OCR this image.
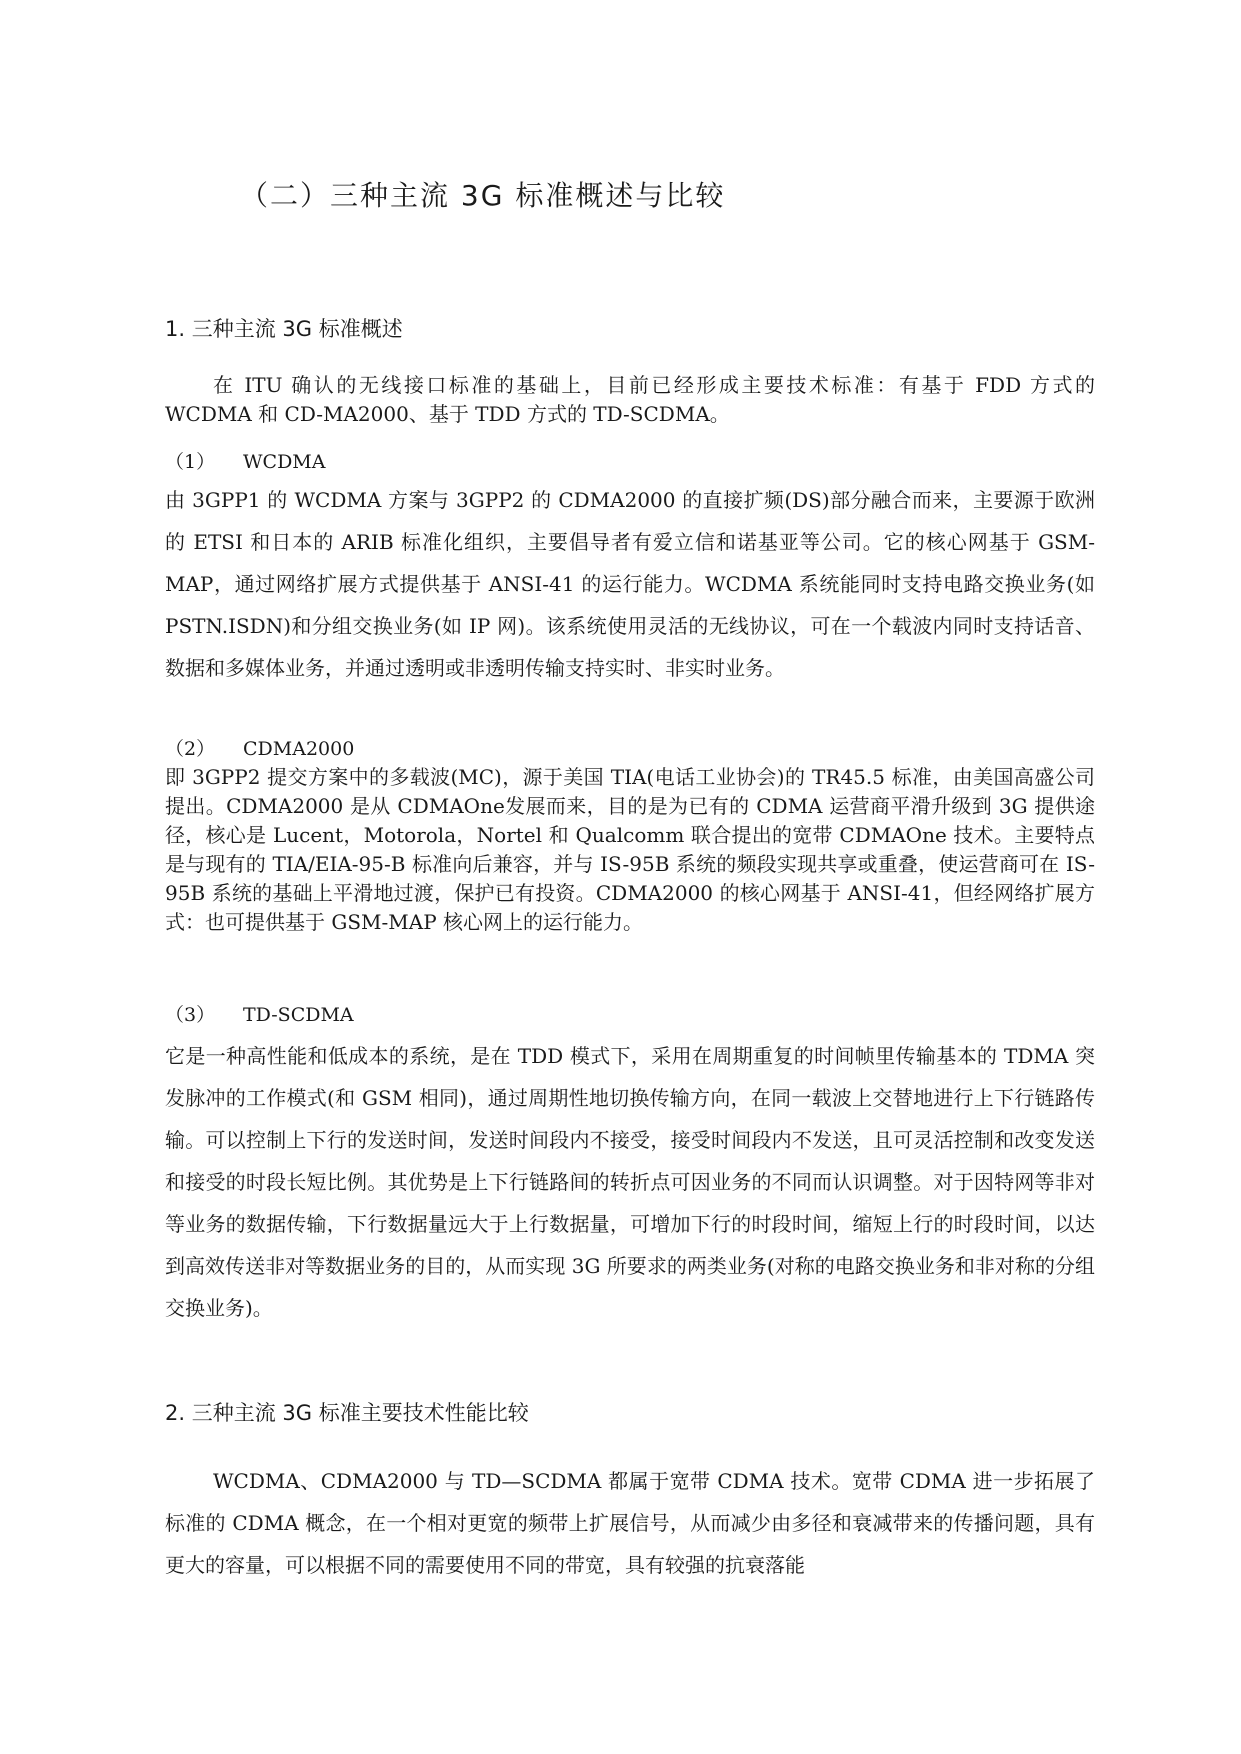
（二）三种主流 3G 标准概述与比较
1. 三种主流 3G 标准概述
在 ITU 确认的无线接口标准的基础上，目前已经形成主要技术标准：有基于 FDD 方式的 WCDMA 和 CD-MA2000、基于 TDD 方式的 TD-SCDMA。
（1） WCDMA
由 3GPP1 的 WCDMA 方案与 3GPP2 的 CDMA2000 的直接扩频(DS)部分融合而来，主要源于欧洲的 ETSI 和日本的 ARIB 标准化组织，主要倡导者有爱立信和诺基亚等公司。它的核心网基于 GSM-MAP，通过网络扩展方式提供基于 ANSI-41 的运行能力。WCDMA 系统能同时支持电路交换业务(如 PSTN.ISDN)和分组交换业务(如 IP 网)。该系统使用灵活的无线协议，可在一个载波内同时支持话音、数据和多媒体业务，并通过透明或非透明传输支持实时、非实时业务。
（2） CDMA2000
即 3GPP2 提交方案中的多载波(MC)，源于美国 TIA(电话工业协会)的 TR45.5 标准，由美国高盛公司提出。CDMA2000 是从 CDMAOne发展而来，目的是为已有的 CDMA 运营商平滑升级到 3G 提供途径，核心是 Lucent，Motorola，Nortel 和 Qualcomm 联合提出的宽带 CDMAOne 技术。主要特点是与现有的 TIA/EIA-95-B 标准向后兼容，并与 IS-95B 系统的频段实现共享或重叠，使运营商可在 IS-95B 系统的基础上平滑地过渡，保护已有投资。CDMA2000 的核心网基于 ANSI-41，但经网络扩展方式：也可提供基于 GSM-MAP 核心网上的运行能力。
（3） TD-SCDMA
它是一种高性能和低成本的系统，是在 TDD 模式下，采用在周期重复的时间帧里传输基本的 TDMA 突发脉冲的工作模式(和 GSM 相同)，通过周期性地切换传输方向，在同一载波上交替地进行上下行链路传输。可以控制上下行的发送时间，发送时间段内不接受，接受时间段内不发送，且可灵活控制和改变发送和接受的时段长短比例。其优势是上下行链路间的转折点可因业务的不同而认识调整。对于因特网等非对等业务的数据传输，下行数据量远大于上行数据量，可增加下行的时段时间，缩短上行的时段时间，以达到高效传送非对等数据业务的目的，从而实现 3G 所要求的两类业务(对称的电路交换业务和非对称的分组交换业务)。
2. 三种主流 3G 标准主要技术性能比较
WCDMA、CDMA2000 与 TD—SCDMA 都属于宽带 CDMA 技术。宽带 CDMA 进一步拓展了标准的 CDMA 概念，在一个相对更宽的频带上扩展信号，从而减少由多径和衰减带来的传播问题，具有更大的容量，可以根据不同的需要使用不同的带宽，具有较强的抗衰落能
